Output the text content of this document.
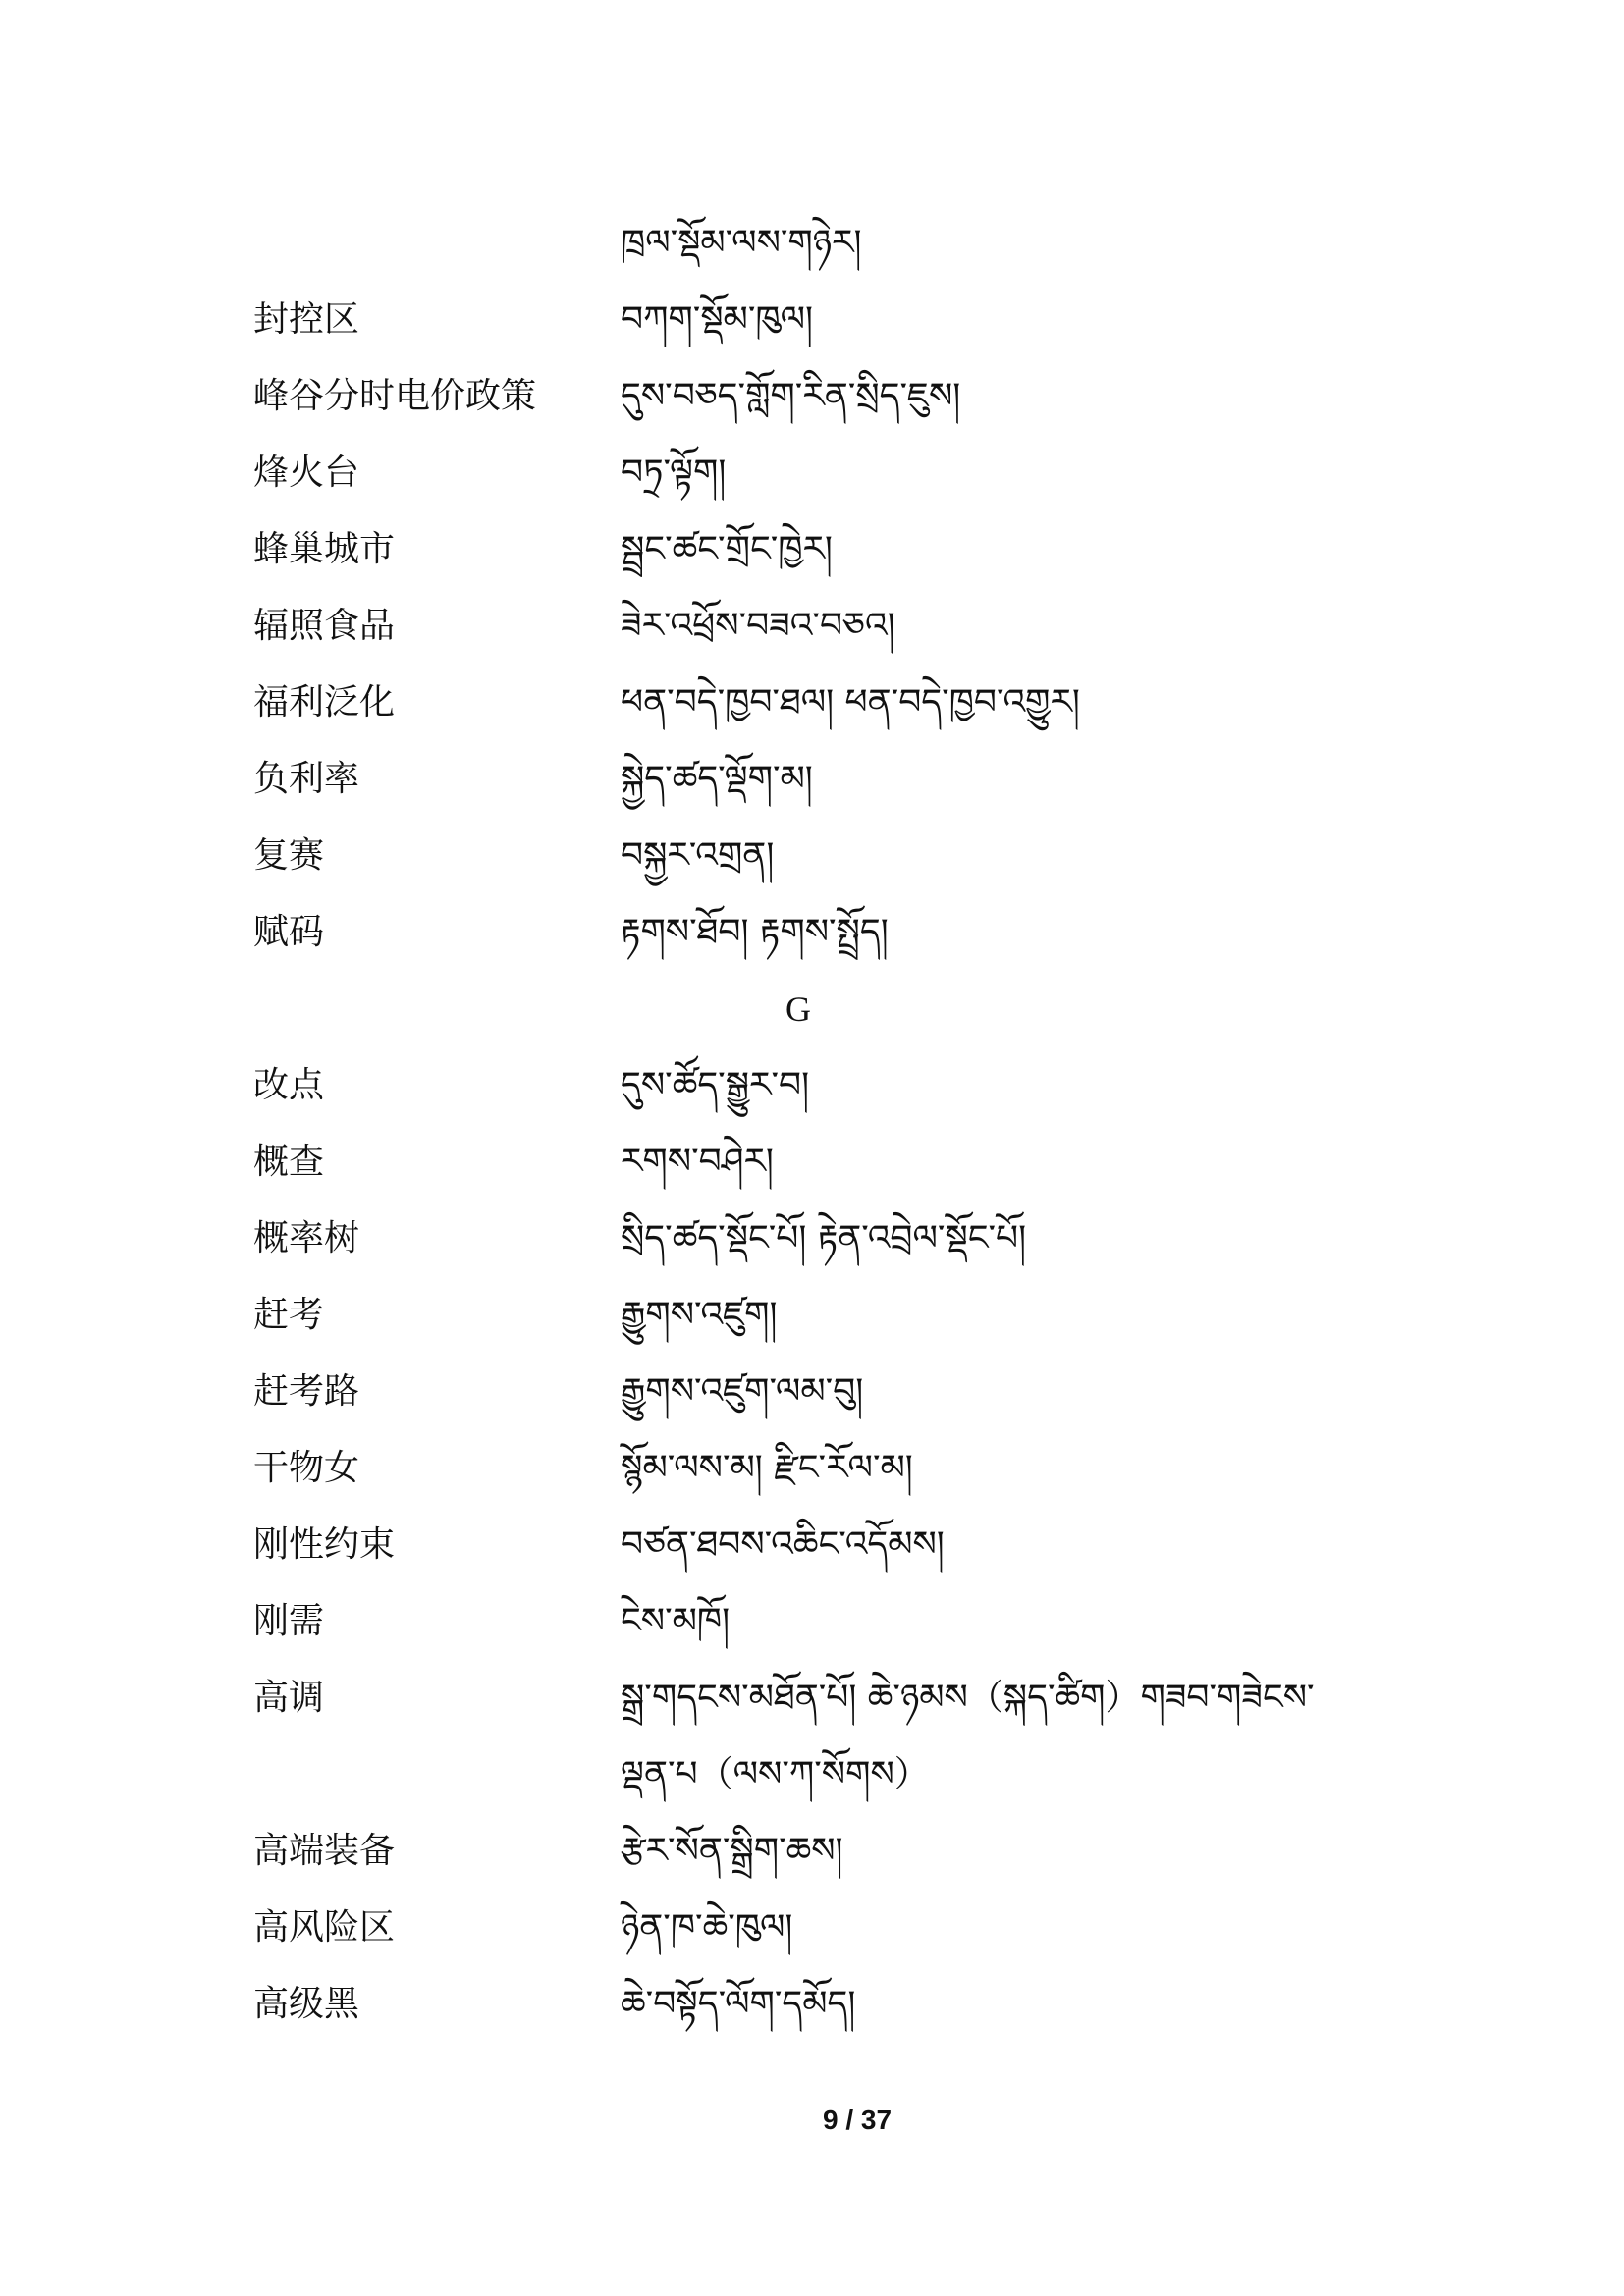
ཁྲལ་སྡོམ་ལས་གཉེར།
封控区	བཀག་སྡོམ་ཁུལ།
峰谷分时电价政策 དུས་བཅད་གློག་རིན་སྲིད་ཇུས།
烽火台	བཏྲ་ལྟོག།
蜂巢城市	སྦྲང་ཚང་གྲོང་ཁྱེར།
辐照食品	ཟེར་འཕྲོས་བཟའ་བཅའ།
福利泛化	ཕན་བདེ་ཁྱབ་ཐལ། ཕན་བདེ་ཁྱབ་འགྱུར།
负利率	སྐྱེད་ཚད་ལྡོག་མ།
复赛	བསྐྱར་འགྲན།
赋码	རྟགས་ཐོབ། རྟགས་སྤྲོད།
G
改点	དུས་ཚོད་སྒྱུར་བ།
概查	རགས་བཤེར།
概率树	སྲིད་ཚད་སྡོང་པོ། རྟེན་འབྲེལ་སྡོང་པོ།
赶考	རྒྱུགས་འཛུག།
赶考路	རྒྱུགས་འཛུག་ལམ་བུ།
干物女	སྙོམ་ལས་མ། རྫིང་རོལ་མ།
刚性约束	བཙན་ཐབས་འཆིང་འདོམས།
刚需	ངེས་མཁོ།
高调	སྒྲ་གདངས་མཐོན་པོ། ཆེ་ཉམས（སྐད་ཚིག）གཟབ་གཟེངས་
ལྡན་པ（ལས་ཀ་སོགས）
高端装备	རྩེར་སོན་སྒྲིག་ཆས།
高风险区	ཉེན་ཁ་ཆེ་ཁུལ།
高级黑	ཆེ་བསྟོད་ལོག་དམོད།
9 / 37
